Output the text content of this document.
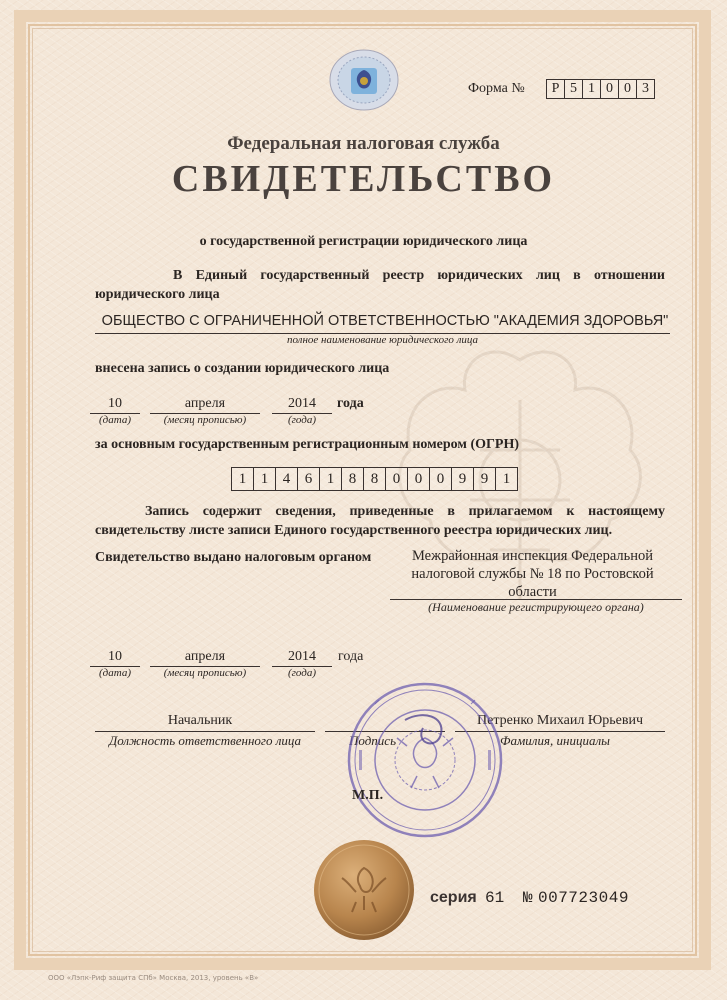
Форма №	Р 5 1 0 0 3
Федеральная налоговая служба
СВИДЕТЕЛЬСТВО
о государственной регистрации юридического лица
В Единый государственный реестр юридических лиц в отношении юридического лица
ОБЩЕСТВО С ОГРАНИЧЕННОЙ ОТВЕТСТВЕННОСТЬЮ "АКАДЕМИЯ ЗДОРОВЬЯ"
полное наименование юридического лица
внесена запись о создании юридического лица
10
(дата)
апреля
(месяц прописью)
2014
(года)
года
за основным государственным регистрационным номером (ОГРН)
1 1 4 6 1 8 8 0 0 0 9 9 1
Запись содержит сведения, приведенные в прилагаемом к настоящему свидетельству листе записи Единого государственного реестра юридических лиц.
Свидетельство выдано налоговым органом	Межрайонная инспекция Федеральной
налоговой службы № 18 по Ростовской
области
(Наименование регистрирующего органа)
10
(дата)
апреля
(месяц прописью)
2014
(года)
года
Начальник
Должность ответственного лица	Подпись
Петренко Михаил Юрьевич
Фамилия, инициалы
М.П.
серия 61 № 007723049
ООО «Лэпк-Риф защита СПб» Москва, 2013, уровень «В»
